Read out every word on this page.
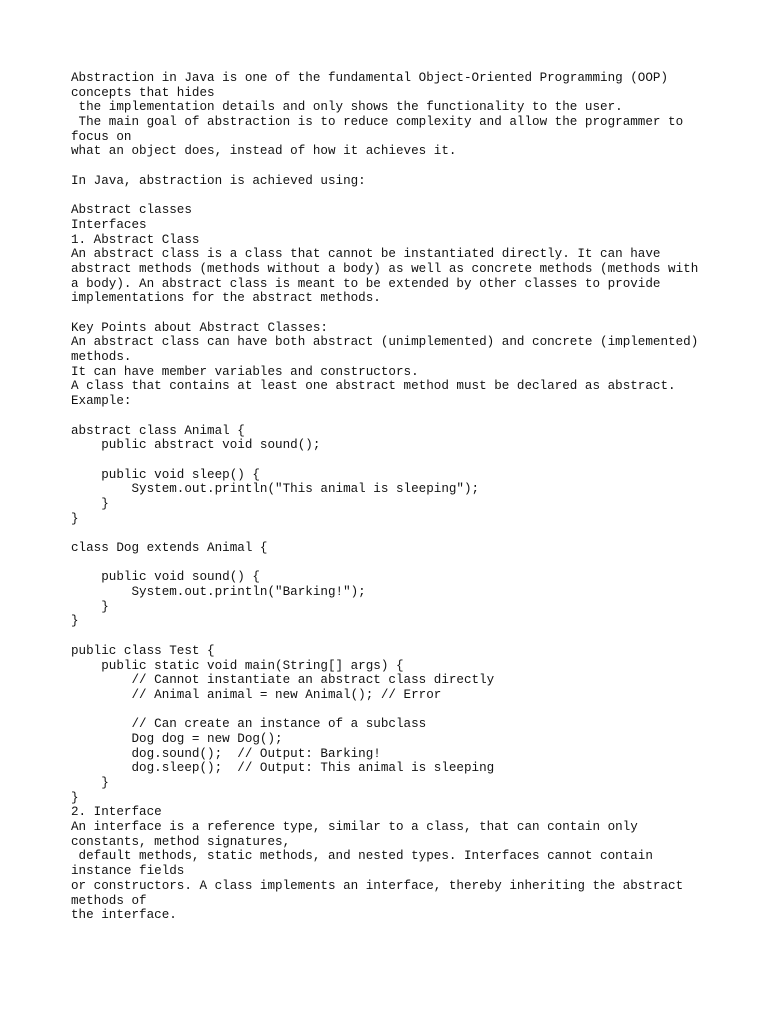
Abstraction in Java is one of the fundamental Object-Oriented Programming (OOP)
concepts that hides
the implementation details and only shows the functionality to the user.
The main goal of abstraction is to reduce complexity and allow the programmer to
focus on
what an object does, instead of how it achieves it.
In Java, abstraction is achieved using:
Abstract classes
Interfaces
1. Abstract Class
An abstract class is a class that cannot be instantiated directly. It can have
abstract methods (methods without a body) as well as concrete methods (methods with
a body). An abstract class is meant to be extended by other classes to provide
implementations for the abstract methods.
Key Points about Abstract Classes:
An abstract class can have both abstract (unimplemented) and concrete (implemented)
methods.
It can have member variables and constructors.
A class that contains at least one abstract method must be declared as abstract.
Example:
abstract class Animal {
public abstract void sound();
public void sleep() {
System.out.println("This animal is sleeping");
}
}
class Dog extends Animal {
public void sound() {
System.out.println("Barking!");
}
}
public class Test {
public static void main(String[] args) {
// Cannot instantiate an abstract class directly
// Animal animal = new Animal(); // Error
// Can create an instance of a subclass
Dog dog = new Dog();
dog.sound();  // Output: Barking!
dog.sleep();  // Output: This animal is sleeping
}
}
2. Interface
An interface is a reference type, similar to a class, that can contain only
constants, method signatures,
default methods, static methods, and nested types. Interfaces cannot contain
instance fields
or constructors. A class implements an interface, thereby inheriting the abstract
methods of
the interface.
